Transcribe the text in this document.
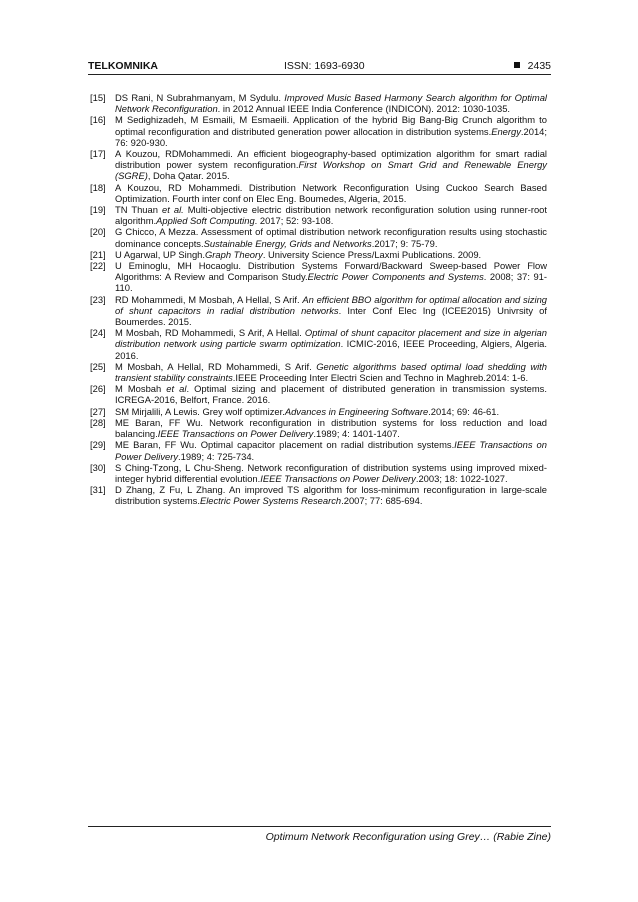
TELKOMNIKA	ISSN: 1693-6930	2435
[15] DS Rani, N Subrahmanyam, M Sydulu. Improved Music Based Harmony Search algorithm for Optimal Network Reconfiguration. in 2012 Annual IEEE India Conference (INDICON). 2012: 1030-1035.
[16] M Sedighizadeh, M Esmaili, M Esmaeili. Application of the hybrid Big Bang-Big Crunch algorithm to optimal reconfiguration and distributed generation power allocation in distribution systems.Energy.2014; 76: 920-930.
[17] A Kouzou, RDMohammedi. An efficient biogeography-based optimization algorithm for smart radial distribution power system reconfiguration.First Workshop on Smart Grid and Renewable Energy (SGRE), Doha Qatar. 2015.
[18] A Kouzou, RD Mohammedi. Distribution Network Reconfiguration Using Cuckoo Search Based Optimization. Fourth inter conf on Elec Eng. Boumedes, Algeria, 2015.
[19] TN Thuan et al. Multi-objective electric distribution network reconfiguration solution using runner-root algorithm.Applied Soft Computing. 2017; 52: 93-108.
[20] G Chicco, A Mezza. Assessment of optimal distribution network reconfiguration results using stochastic dominance concepts.Sustainable Energy, Grids and Networks.2017; 9: 75-79.
[21] U Agarwal, UP Singh.Graph Theory. University Science Press/Laxmi Publications. 2009.
[22] U Eminoglu, MH Hocaoglu. Distribution Systems Forward/Backward Sweep-based Power Flow Algorithms: A Review and Comparison Study.Electric Power Components and Systems. 2008; 37: 91-110.
[23] RD Mohammedi, M Mosbah, A Hellal, S Arif. An efficient BBO algorithm for optimal allocation and sizing of shunt capacitors in radial distribution networks. Inter Conf Elec Ing (ICEE2015) Univrsity of Boumerdes. 2015.
[24] M Mosbah, RD Mohammedi, S Arif, A Hellal. Optimal of shunt capacitor placement and size in algerian distribution network using particle swarm optimization. ICMIC-2016, IEEE Proceeding, Algiers, Algeria. 2016.
[25] M Mosbah, A Hellal, RD Mohammedi, S Arif. Genetic algorithms based optimal load shedding with transient stability constraints.IEEE Proceeding Inter Electri Scien and Techno in Maghreb.2014: 1-6.
[26] M Mosbah et al. Optimal sizing and placement of distributed generation in transmission systems. ICREGA-2016, Belfort, France. 2016.
[27] SM Mirjalili, A Lewis. Grey wolf optimizer.Advances in Engineering Software.2014; 69: 46-61.
[28] ME Baran, FF Wu. Network reconfiguration in distribution systems for loss reduction and load balancing.IEEE Transactions on Power Delivery.1989; 4: 1401-1407.
[29] ME Baran, FF Wu. Optimal capacitor placement on radial distribution systems.IEEE Transactions on Power Delivery.1989; 4: 725-734.
[30] S Ching-Tzong, L Chu-Sheng. Network reconfiguration of distribution systems using improved mixed-integer hybrid differential evolution.IEEE Transactions on Power Delivery.2003; 18: 1022-1027.
[31] D Zhang, Z Fu, L Zhang. An improved TS algorithm for loss-minimum reconfiguration in large-scale distribution systems.Electric Power Systems Research.2007; 77: 685-694.
Optimum Network Reconfiguration using Grey… (Rabie Zine)
